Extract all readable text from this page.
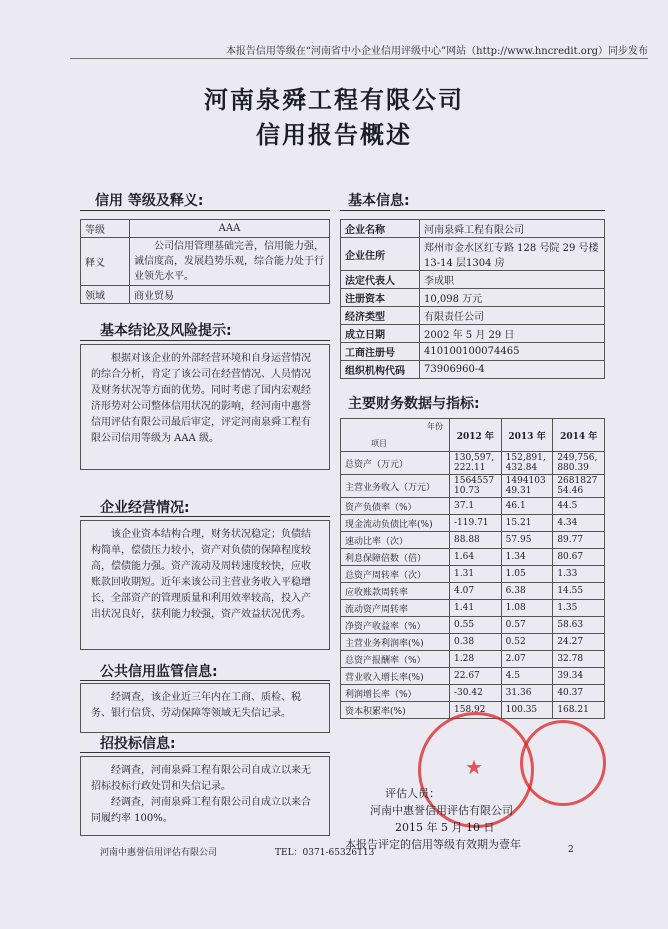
本报告信用等级在“河南省中小企业信用评级中心”网站（http://www.hncredit.org）同步发布
河南泉舜工程有限公司
信用报告概述
信用 等级及释义:
等级	AAA
释义	公司信用管理基础完善，信用能力强，诚信度高，发展趋势乐观，综合能力处于行业领先水平。
领域	商业贸易
基本结论及风险提示:
根据对该企业的外部经营环境和自身运营情况的综合分析，肯定了该公司在经营情况、人员情况及财务状况等方面的优势。同时考虑了国内宏观经济形势对公司整体信用状况的影响，经河南中惠誉信用评估有限公司最后审定，评定河南泉舜工程有限公司信用等级为 AAA 级。
企业经营情况:
该企业资本结构合理，财务状况稳定；负债结构简单，偿债压力较小，资产对负债的保障程度较高，偿债能力强。资产流动及周转速度较快，应收账款回收期短。近年来该公司主营业务收入平稳增长，全部资产的管理质量和利用效率较高，投入产出状况良好，获利能力较强，资产效益状况优秀。
公共信用监管信息:
经调查，该企业近三年内在工商、质检、税务、银行信贷、劳动保障等领域无失信记录。
招投标信息:
经调查，河南泉舜工程有限公司自成立以来无招标投标行政处罚和失信记录。
经调查，河南泉舜工程有限公司自成立以来合同履约率 100%。
基本信息:
企业名称	河南泉舜工程有限公司
企业住所	郑州市金水区红专路 128 号院 29 号楼 13-14 层1304 房
法定代表人	李成职
注册资本	10,098 万元
经济类型	有限责任公司
成立日期	2002 年 5 月 29 日
工商注册号	410100100074465
组织机构代码	73906960-4
主要财务数据与指标:
年份
项目	2012 年	2013 年	2014 年
总资产（万元）	130,597,222.11	152,891,432.84	249,756,880.39
主营业务收入（万元）	156455710.73	149410349.31	268182754.46
资产负债率（%）	37.1	46.1	44.5
现金流动负债比率(%)	-119.71	15.21	4.34
速动比率（次）	88.88	57.95	89.77
利息保障倍数（倍）	1.64	1.34	80.67
总资产周转率（次）	1.31	1.05	1.33
应收账款周转率	4.07	6.38	14.55
流动资产周转率	1.41	1.08	1.35
净资产收益率（%）	0.55	0.57	58.63
主营业务利润率(%)	0.38	0.52	24.27
总资产报酬率（%）	1.28	2.07	32.78
营业收入增长率(%)	22.67	4.5	39.34
利润增长率（%）	-30.42	31.36	40.37
资本积累率(%)	158.92	100.35	168.21
★
评估人员：
河南中惠誉信用评估有限公司
2015 年 5 月 10 日
本报告评定的信用等级有效期为壹年
河南中惠誉信用评估有限公司	TEL：0371-65326113	2
